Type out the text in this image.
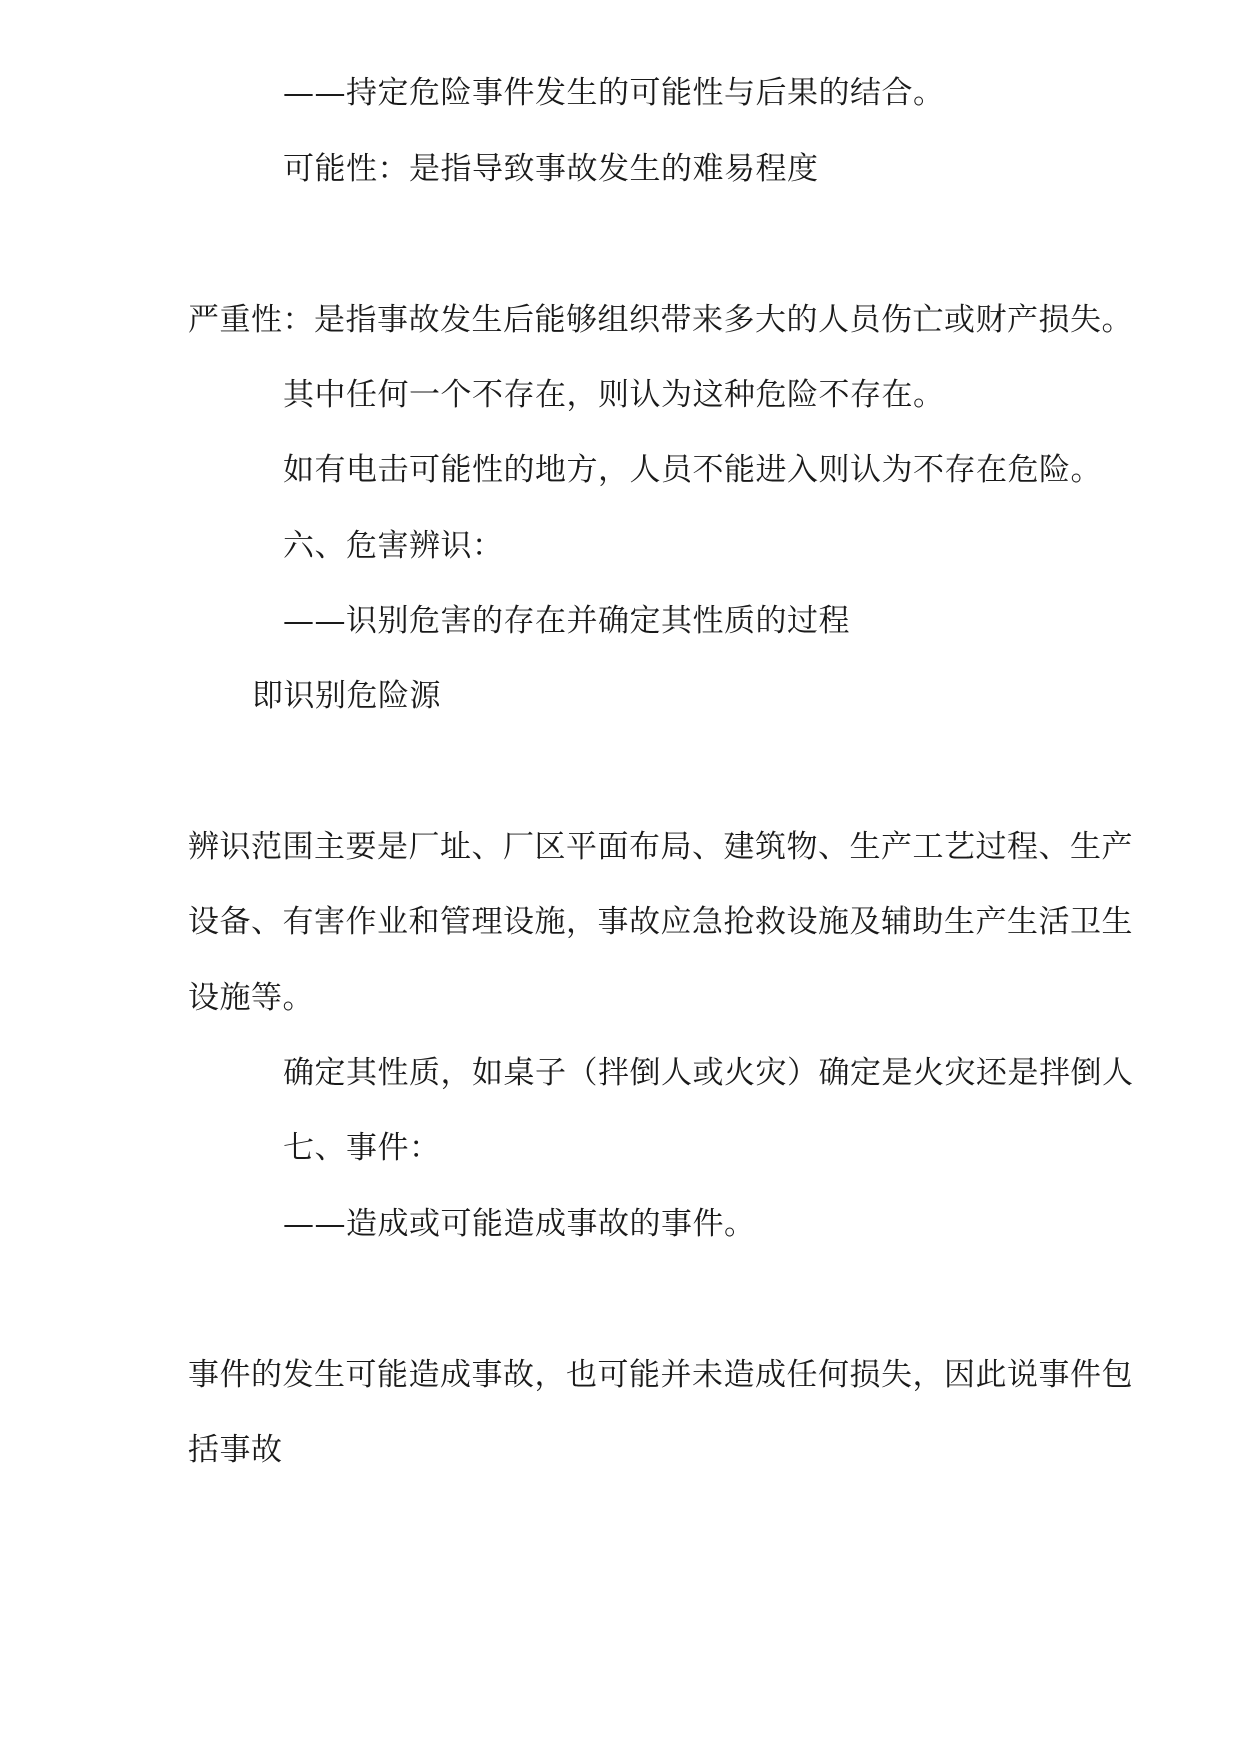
——持定危险事件发生的可能性与后果的结合。
可能性：是指导致事故发生的难易程度
严重性：是指事故发生后能够组织带来多大的人员伤亡或财产损失。
其中任何一个不存在，则认为这种危险不存在。
如有电击可能性的地方，人员不能进入则认为不存在危险。
六、危害辨识：
——识别危害的存在并确定其性质的过程
即识别危险源
辨识范围主要是厂址、厂区平面布局、建筑物、生产工艺过程、生产
设备、有害作业和管理设施，事故应急抢救设施及辅助生产生活卫生
设施等。
确定其性质，如桌子（拌倒人或火灾）确定是火灾还是拌倒人
七、事件：
——造成或可能造成事故的事件。
事件的发生可能造成事故，也可能并未造成任何损失，因此说事件包
括事故
